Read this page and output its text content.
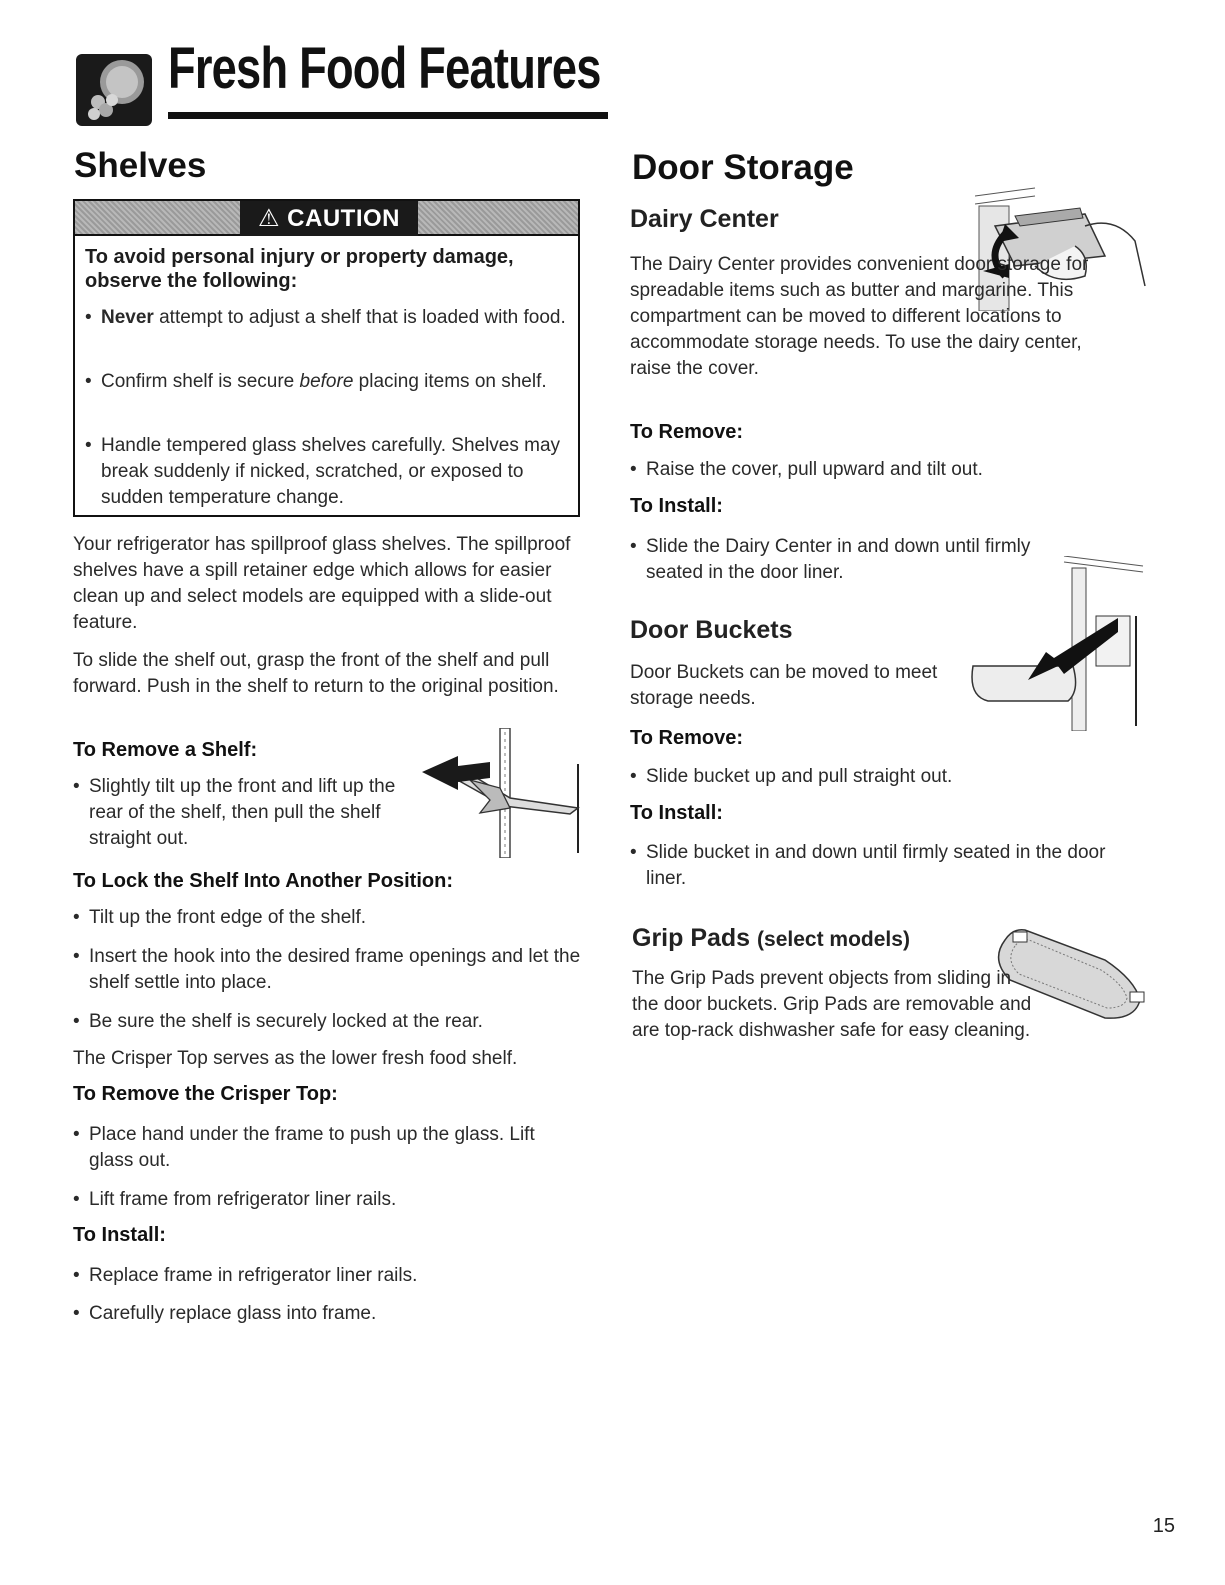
Fresh Food Features
Shelves
⚠ CAUTION
To avoid personal injury or property damage, observe the following:
• Never attempt to adjust a shelf that is loaded with food.
• Confirm shelf is secure before placing items on shelf.
• Handle tempered glass shelves carefully. Shelves may break suddenly if nicked, scratched, or exposed to sudden temperature change.

Your refrigerator has spillproof glass shelves. The spillproof shelves have a spill retainer edge which allows for easier clean up and select models are equipped with a slide-out feature.

To slide the shelf out, grasp the front of the shelf and pull forward. Push in the shelf to return to the original position.

To Remove a Shelf:
• Slightly tilt up the front and lift up the rear of the shelf, then pull the shelf straight out.
To Lock the Shelf Into Another Position:
• Tilt up the front edge of the shelf.
• Insert the hook into the desired frame openings and let the shelf settle into place.
• Be sure the shelf is securely locked at the rear.

The Crisper Top serves as the lower fresh food shelf.

To Remove the Crisper Top:
• Place hand under the frame to push up the glass. Lift glass out.
• Lift frame from refrigerator liner rails.
To Install:
• Replace frame in refrigerator liner rails.
• Carefully replace glass into frame.
Door Storage
Dairy Center

The Dairy Center provides convenient door storage for spreadable items such as butter and margarine. This compartment can be moved to different locations to accommodate storage needs. To use the dairy center, raise the cover.

To Remove:
• Raise the cover, pull upward and tilt out.
To Install:
• Slide the Dairy Center in and down until firmly seated in the door liner.
Door Buckets

Door Buckets can be moved to meet storage needs.

To Remove:
• Slide bucket up and pull straight out.
To Install:
• Slide bucket in and down until firmly seated in the door liner.
Grip Pads (select models)

The Grip Pads prevent objects from sliding in the door buckets. Grip Pads are removable and are top-rack dishwasher safe for easy cleaning.

15
